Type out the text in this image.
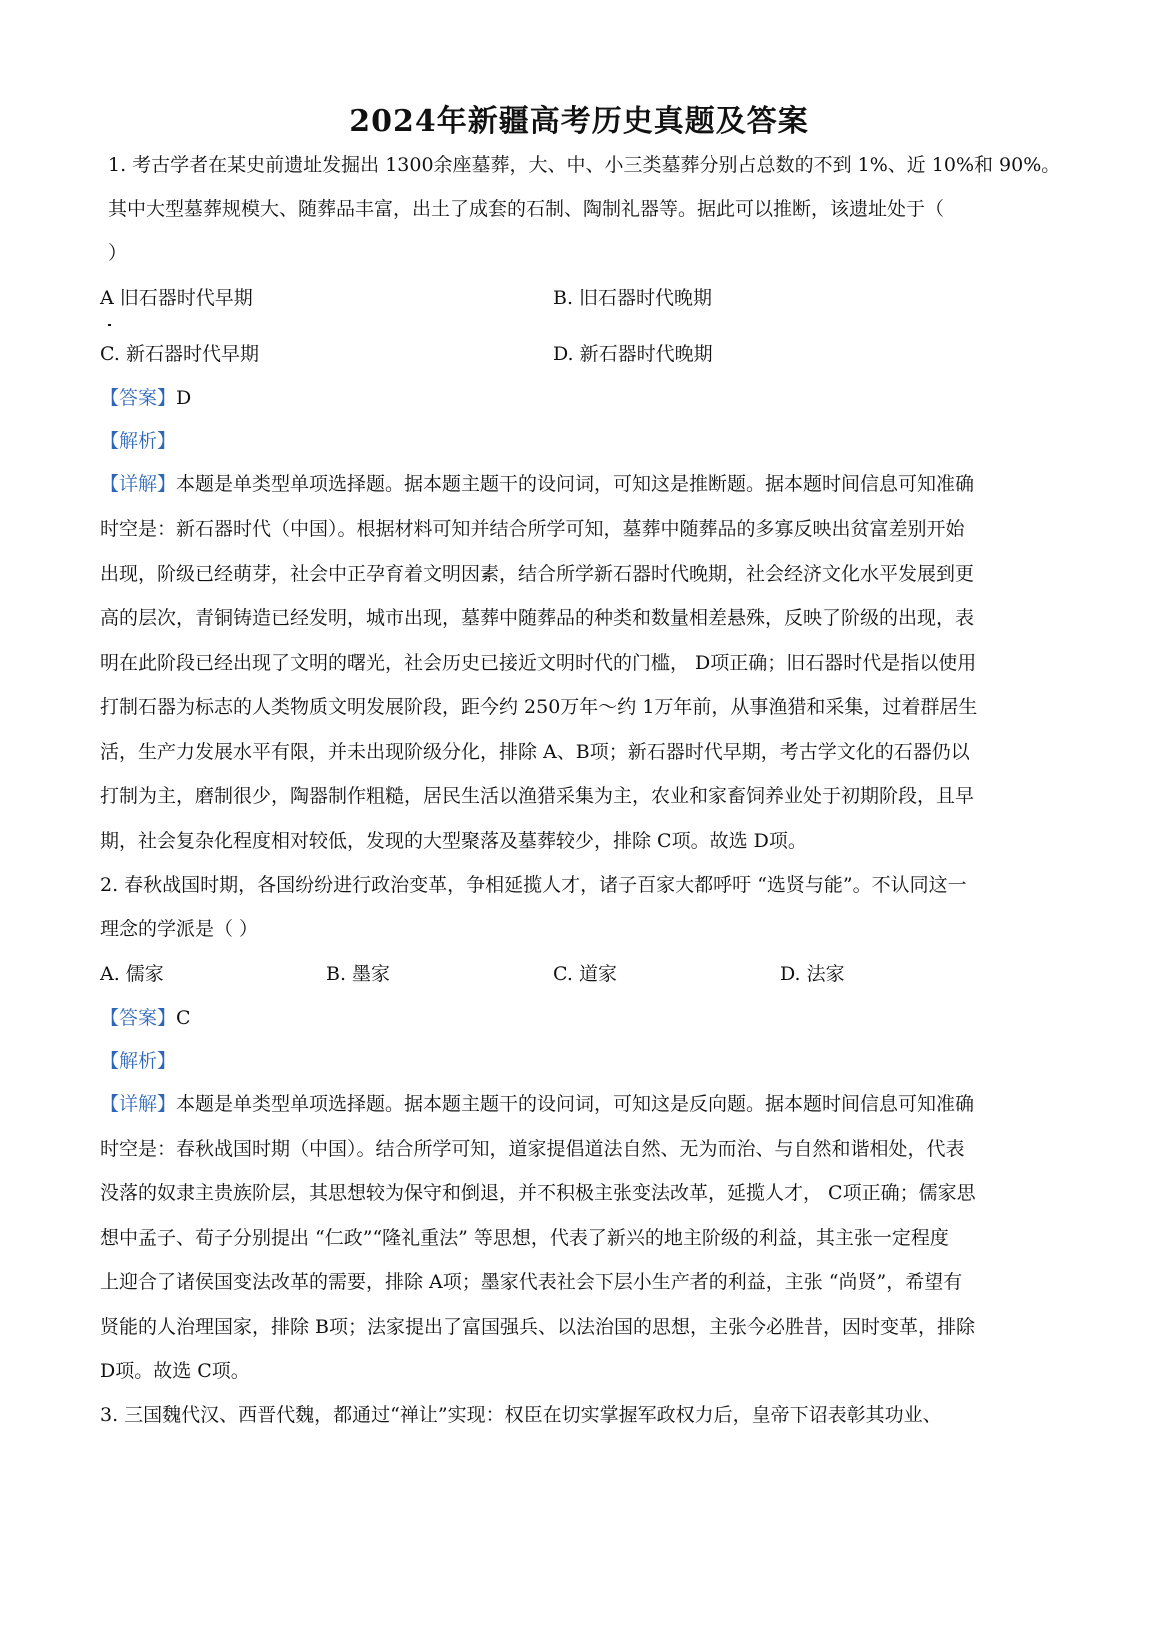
2024年新疆高考历史真题及答案
1. 考古学者在某史前遗址发掘出 1300余座墓葬，大、中、小三类墓葬分别占总数的不到 1%、近 10%和 90%。
其中大型墓葬规模大、随葬品丰富，出土了成套的石制、陶制礼器等。据此可以推断，该遗址处于（
）
A 旧石器时代早期	B. 旧石器时代晚期
C. 新石器时代早期	D. 新石器时代晚期
【答案】D
【解析】
【详解】本题是单类型单项选择题。据本题主题干的设问词，可知这是推断题。据本题时间信息可知准确
时空是：新石器时代（中国）。根据材料可知并结合所学可知，墓葬中随葬品的多寡反映出贫富差别开始
出现，阶级已经萌芽，社会中正孕育着文明因素，结合所学新石器时代晚期，社会经济文化水平发展到更
高的层次，青铜铸造已经发明，城市出现，墓葬中随葬品的种类和数量相差悬殊，反映了阶级的出现，表
明在此阶段已经出现了文明的曙光，社会历史已接近文明时代的门槛， D项正确；旧石器时代是指以使用
打制石器为标志的人类物质文明发展阶段，距今约 250万年～约 1万年前，从事渔猎和采集，过着群居生
活，生产力发展水平有限，并未出现阶级分化，排除 A、B项；新石器时代早期，考古学文化的石器仍以
打制为主，磨制很少，陶器制作粗糙，居民生活以渔猎采集为主，农业和家畜饲养业处于初期阶段，且早
期，社会复杂化程度相对较低，发现的大型聚落及墓葬较少，排除 C项。故选 D项。
2. 春秋战国时期，各国纷纷进行政治变革，争相延揽人才，诸子百家大都呼吁 “选贤与能”。不认同这一
理念的学派是（ ）
A. 儒家	B. 墨家	C. 道家	D. 法家
【答案】C
【解析】
【详解】本题是单类型单项选择题。据本题主题干的设问词，可知这是反向题。据本题时间信息可知准确
时空是：春秋战国时期（中国）。结合所学可知，道家提倡道法自然、无为而治、与自然和谐相处，代表
没落的奴隶主贵族阶层，其思想较为保守和倒退，并不积极主张变法改革，延揽人才， C项正确；儒家思
想中孟子、荀子分别提出 “仁政”“隆礼重法” 等思想，代表了新兴的地主阶级的利益，其主张一定程度
上迎合了诸侯国变法改革的需要，排除 A项；墨家代表社会下层小生产者的利益，主张 “尚贤”，希望有
贤能的人治理国家，排除 B项；法家提出了富国强兵、以法治国的思想，主张今必胜昔，因时变革，排除
D项。故选 C项。
3. 三国魏代汉、西晋代魏，都通过“禅让”实现：权臣在切实掌握军政权力后，皇帝下诏表彰其功业、
